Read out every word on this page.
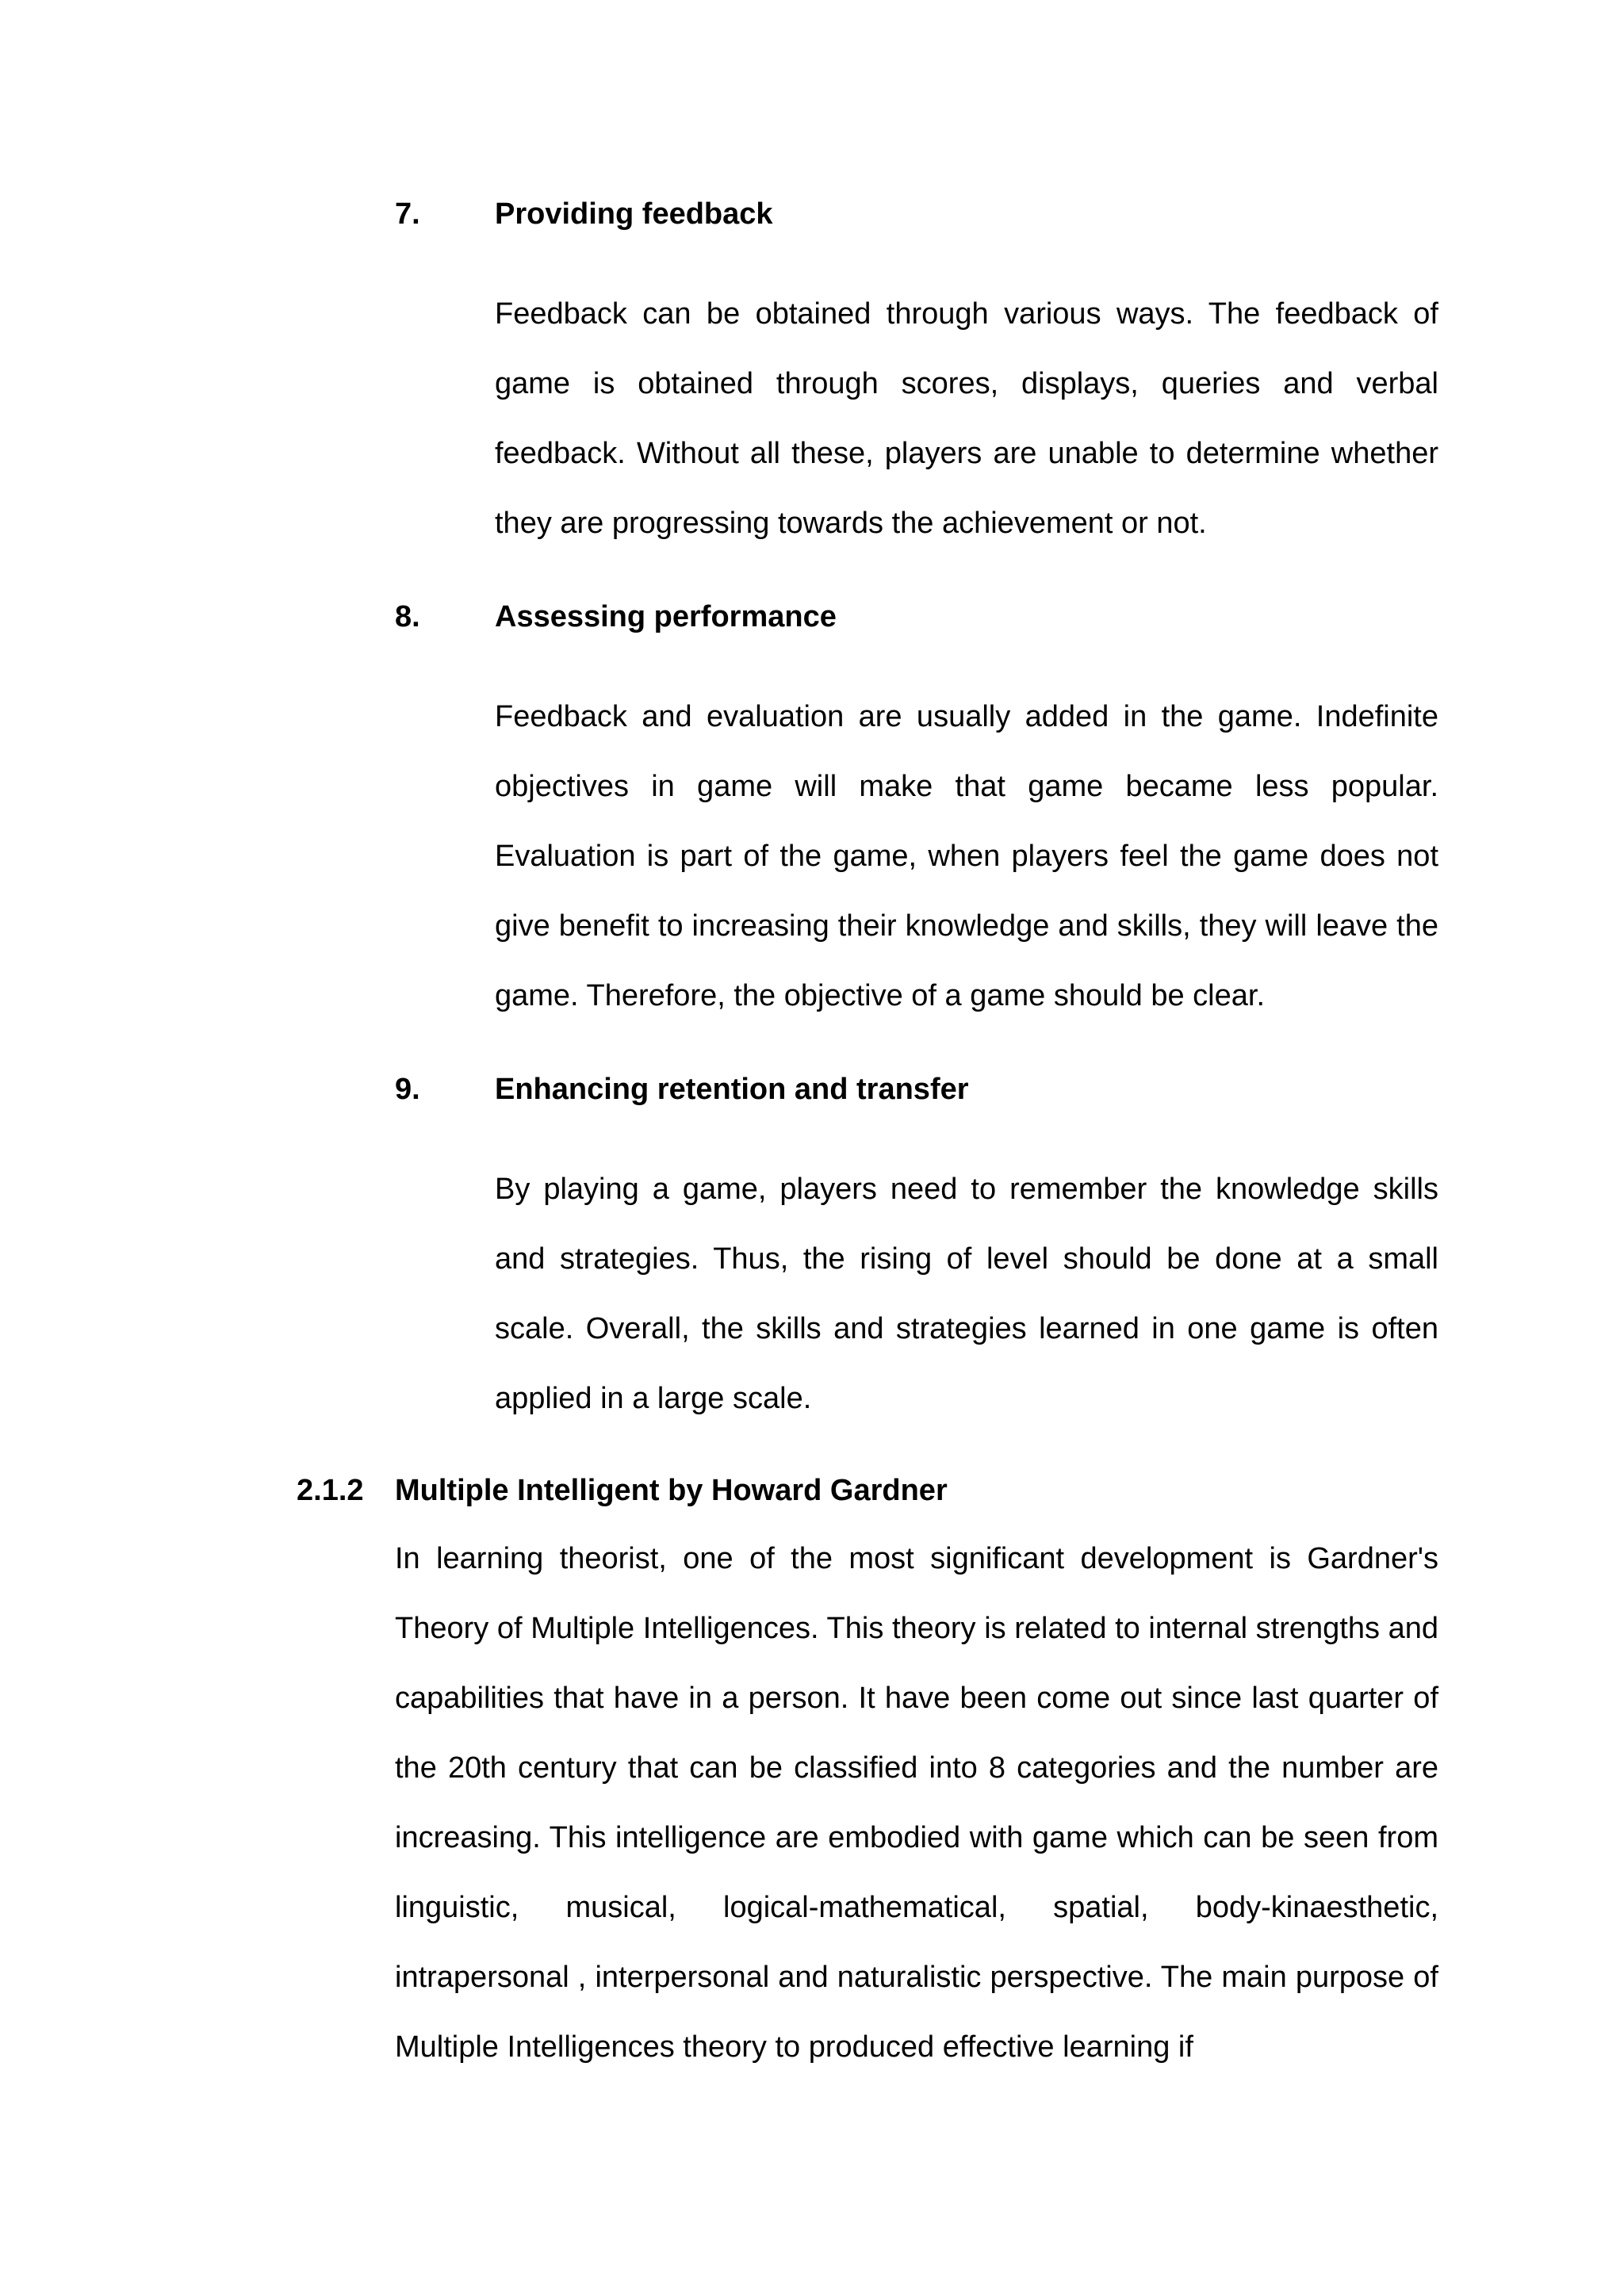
7. Providing feedback

Feedback can be obtained through various ways. The feedback of game is obtained through scores, displays, queries and verbal feedback. Without all these, players are unable to determine whether they are progressing towards the achievement or not.

8. Assessing performance

Feedback and evaluation are usually added in the game. Indefinite objectives in game will make that game became less popular. Evaluation is part of the game, when players feel the game does not give benefit to increasing their knowledge and skills, they will leave the game. Therefore, the objective of a game should be clear.

9. Enhancing retention and transfer

By playing a game, players need to remember the knowledge skills and strategies. Thus, the rising of level should be done at a small scale. Overall, the skills and strategies learned in one game is often applied in a large scale.

2.1.2 Multiple Intelligent by Howard Gardner

In learning theorist, one of the most significant development is Gardner's Theory of Multiple Intelligences. This theory is related to internal strengths and capabilities that have in a person. It have been come out since last quarter of the 20th century that can be classified into 8 categories and the number are increasing. This intelligence are embodied with game which can be seen from linguistic, musical, logical-mathematical, spatial, body-kinaesthetic, intrapersonal , interpersonal and naturalistic perspective. The main purpose of Multiple Intelligences theory to produced effective learning if
